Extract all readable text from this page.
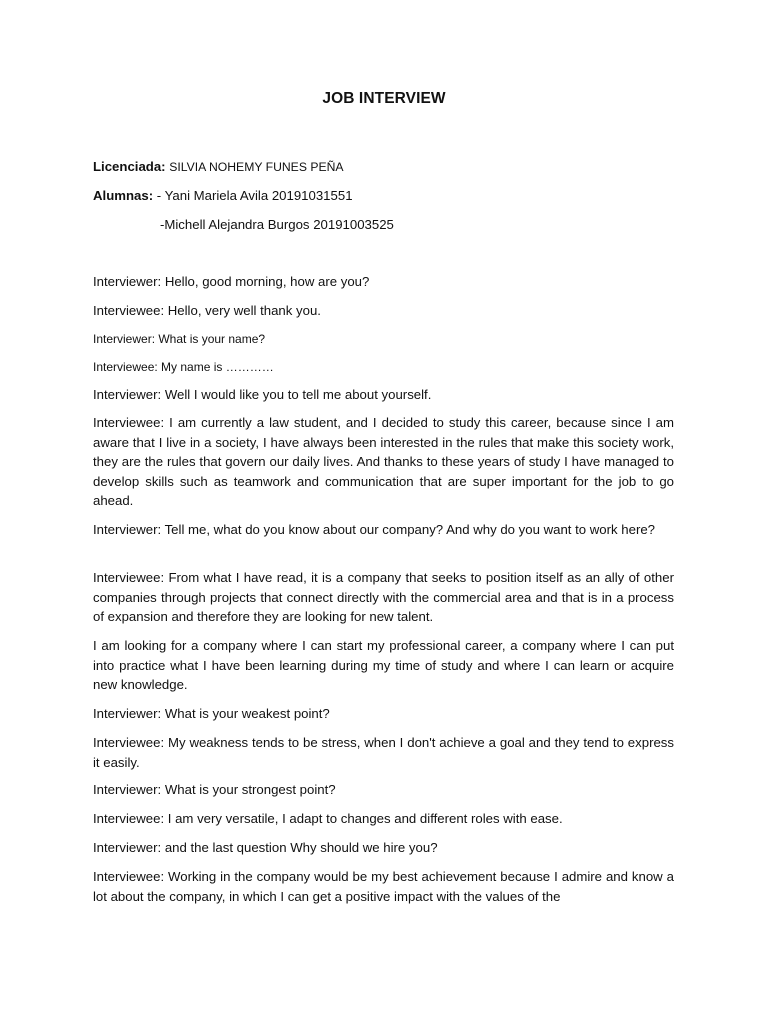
JOB INTERVIEW
Licenciada: SILVIA NOHEMY FUNES PEÑA
Alumnas: - Yani Mariela Avila 20191031551
-Michell Alejandra Burgos 20191003525
Interviewer: Hello, good morning, how are you?
Interviewee: Hello, very well thank you.
Interviewer: What is your name?
Interviewee: My name is …………
Interviewer: Well I would like you to tell me about yourself.
Interviewee: I am currently a law student, and I decided to study this career, because since I am aware that I live in a society, I have always been interested in the rules that make this society work, they are the rules that govern our daily lives. And thanks to these years of study I have managed to develop skills such as teamwork and communication that are super important for the job to go ahead.
Interviewer: Tell me, what do you know about our company? And why do you want to work here?
Interviewee: From what I have read, it is a company that seeks to position itself as an ally of other companies through projects that connect directly with the commercial area and that is in a process of expansion and therefore they are looking for new talent.
I am looking for a company where I can start my professional career, a company where I can put into practice what I have been learning during my time of study and where I can learn or acquire new knowledge.
Interviewer: What is your weakest point?
Interviewee: My weakness tends to be stress, when I don't achieve a goal and they tend to express it easily.
Interviewer: What is your strongest point?
Interviewee: I am very versatile, I adapt to changes and different roles with ease.
Interviewer: and the last question Why should we hire you?
Interviewee: Working in the company would be my best achievement because I admire and know a lot about the company, in which I can get a positive impact with the values of the
